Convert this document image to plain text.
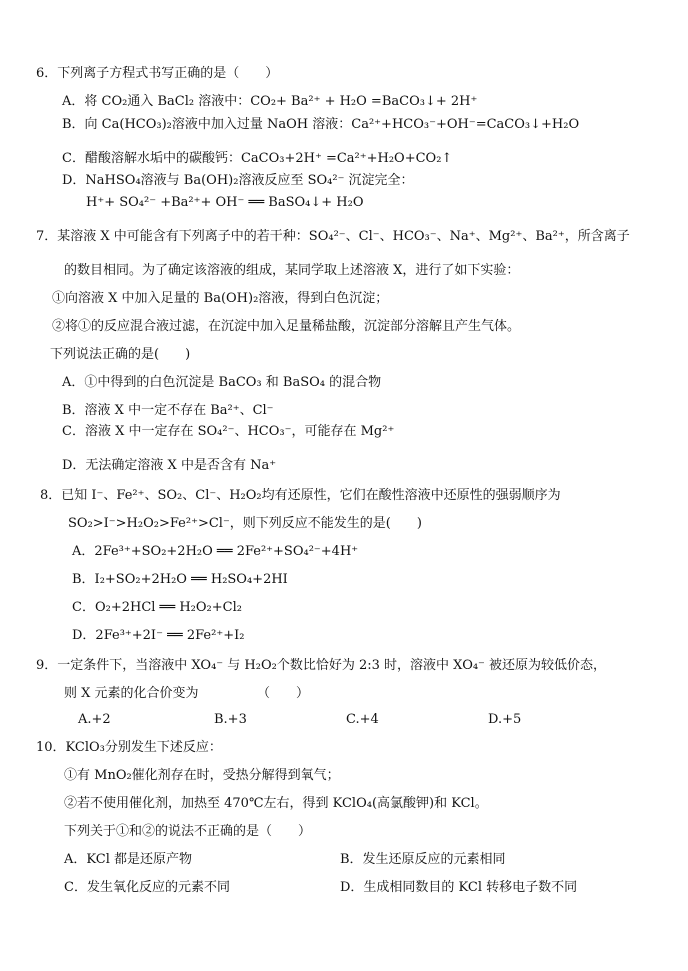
6．下列离子方程式书写正确的是（　　）
A．将 CO₂通入 BaCl₂ 溶液中：CO₂+ Ba²⁺ + H₂O =BaCO₃↓+ 2H⁺
B．向 Ca(HCO₃)₂溶液中加入过量 NaOH 溶液：Ca²⁺+HCO₃⁻+OH⁻=CaCO₃↓+H₂O
C．醋酸溶解水垢中的碳酸钙：CaCO₃+2H⁺ =Ca²⁺+H₂O+CO₂↑
D．NaHSO₄溶液与 Ba(OH)₂溶液反应至 SO₄²⁻ 沉淀完全：
H⁺+ SO₄²⁻ +Ba²⁺+ OH⁻ ══ BaSO₄↓+ H₂O
7．某溶液 X 中可能含有下列离子中的若干种：SO₄²⁻、Cl⁻、HCO₃⁻、Na⁺、Mg²⁺、Ba²⁺，所含离子
的数目相同。为了确定该溶液的组成，某同学取上述溶液 X，进行了如下实验：
①向溶液 X 中加入足量的 Ba(OH)₂溶液，得到白色沉淀；
②将①的反应混合液过滤，在沉淀中加入足量稀盐酸，沉淀部分溶解且产生气体。
下列说法正确的是(　　)
A．①中得到的白色沉淀是 BaCO₃ 和 BaSO₄ 的混合物
B．溶液 X 中一定不存在 Ba²⁺、Cl⁻
C．溶液 X 中一定存在 SO₄²⁻、HCO₃⁻，可能存在 Mg²⁺
D．无法确定溶液 X 中是否含有 Na⁺
8．已知 I⁻、Fe²⁺、SO₂、Cl⁻、H₂O₂均有还原性，它们在酸性溶液中还原性的强弱顺序为
SO₂>I⁻>H₂O₂>Fe²⁺>Cl⁻，则下列反应不能发生的是(　　)
A．2Fe³⁺+SO₂+2H₂O ══ 2Fe²⁺+SO₄²⁻+4H⁺
B．I₂+SO₂+2H₂O ══ H₂SO₄+2HI
C．O₂+2HCl ══ H₂O₂+Cl₂
D．2Fe³⁺+2I⁻ ══ 2Fe²⁺+I₂
9．一定条件下，当溶液中 XO₄⁻ 与 H₂O₂个数比恰好为 2:3 时，溶液中 XO₄⁻ 被还原为较低价态，
则 X 元素的化合价变为　　　　　（　　）
A.+2	B.+3	C.+4	D.+5
10．KClO₃分别发生下述反应：
①有 MnO₂催化剂存在时，受热分解得到氧气；
②若不使用催化剂，加热至 470℃左右，得到 KClO₄(高氯酸钾)和 KCl。
下列关于①和②的说法不正确的是（　　）
A．KCl 都是还原产物	B．发生还原反应的元素相同
C．发生氧化反应的元素不同	D．生成相同数目的 KCl 转移电子数不同
